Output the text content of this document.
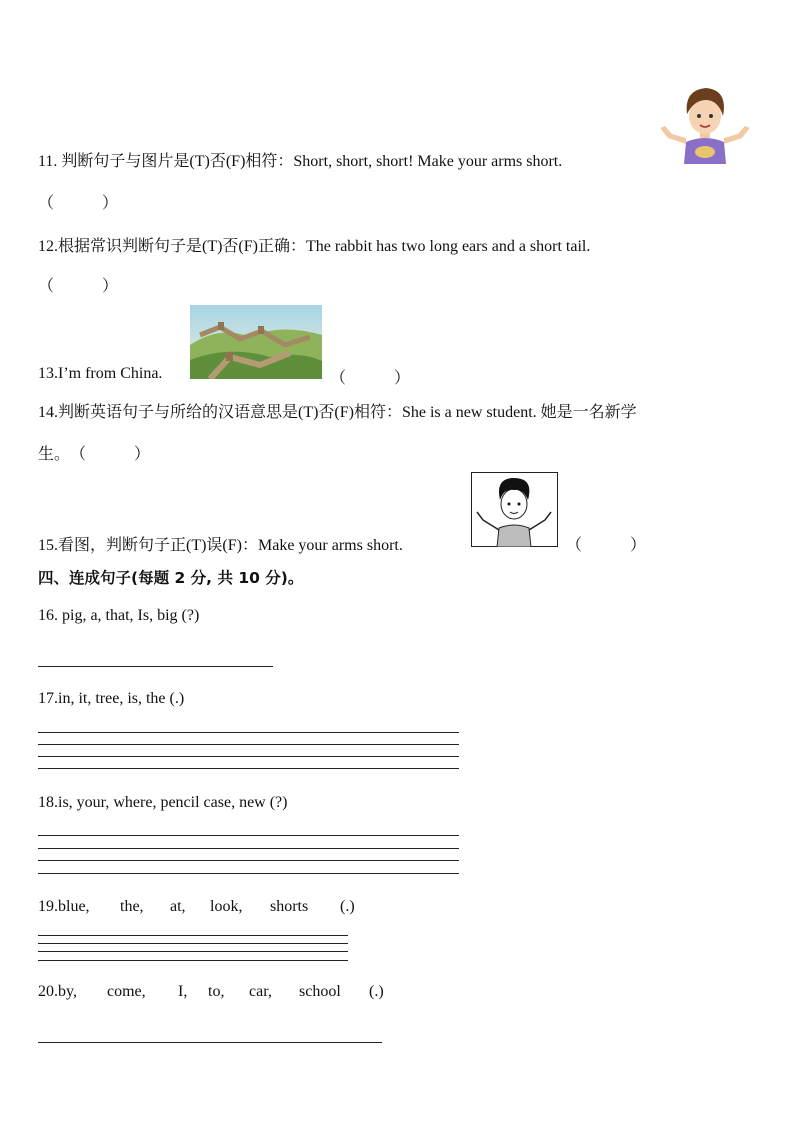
11. 判断句子与图片是(T)否(F)相符：Short, short, short! Make your arms short.
（　　　）
12.根据常识判断句子是(T)否(F)正确：The rabbit has two long ears and a short tail.
（　　　）
13.I’m from China.	（　　　）
14.判断英语句子与所给的汉语意思是(T)否(F)相符：She is a new student. 她是一名新学
生。（　　　）
15.看图，判断句子正(T)误(F)：Make your arms short.	（　　　）
四、连成句子(每题 2 分, 共 10 分)。
16. pig, a, that, Is, big (?)
17.in, it, tree, is, the (.)
18.is, your, where, pencil case, new (?)
19.blue, the, at, look, shorts (.)
20.by, come, I, to, car, school (.)
